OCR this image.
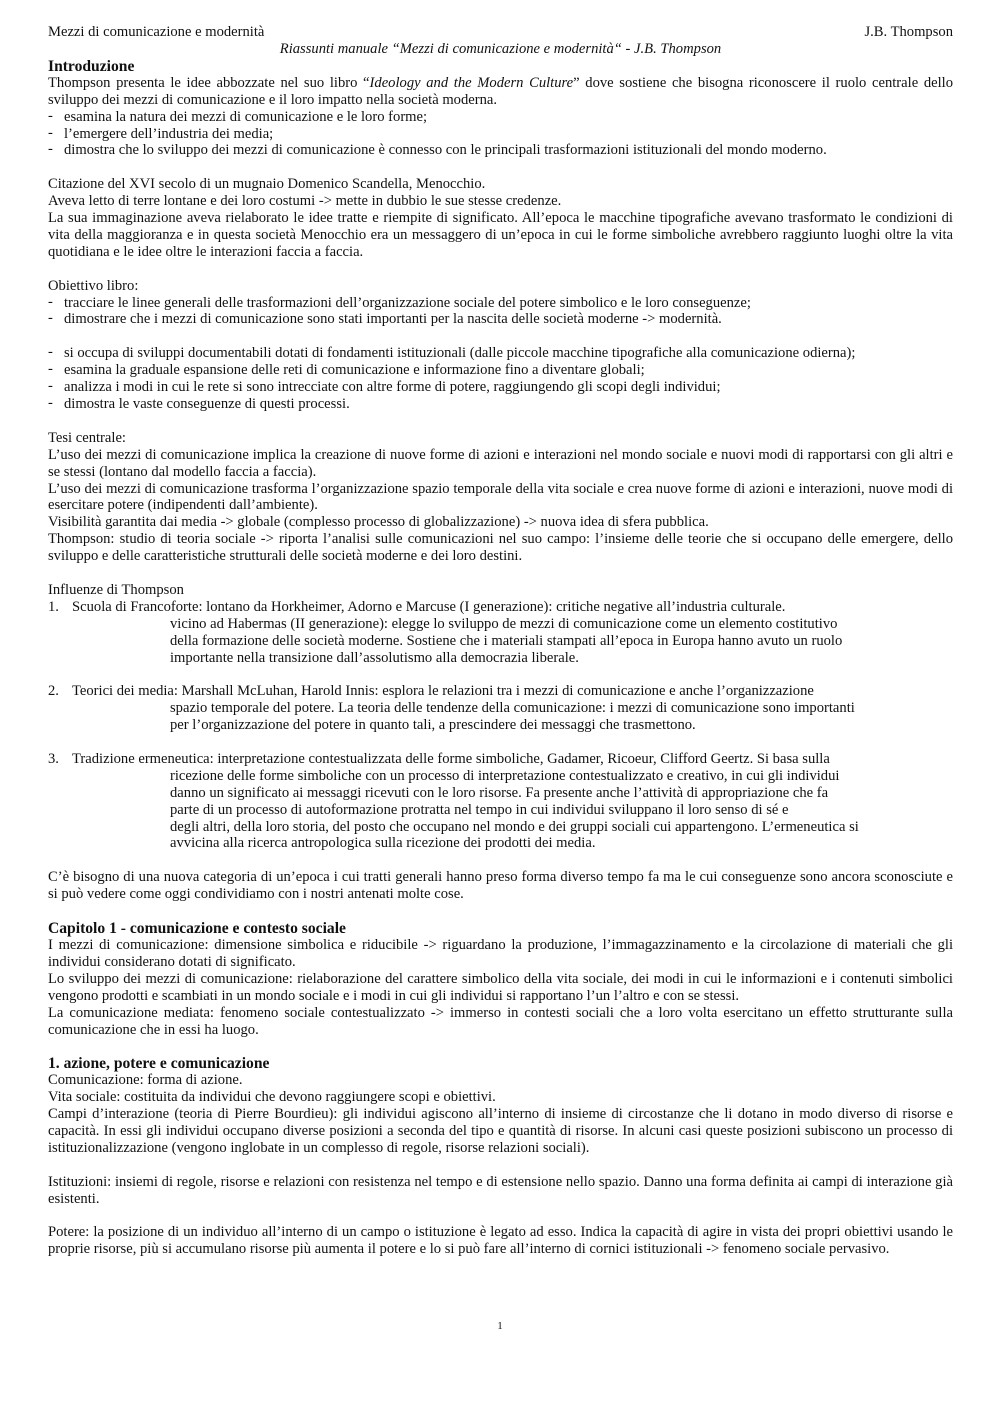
Mezzi di comunicazione e modernità	J.B. Thompson

Riassunti manuale “Mezzi di comunicazione e modernità“ - J.B. Thompson

Introduzione

Thompson presenta le idee abbozzate nel suo libro “Ideology and the Modern Culture” dove sostiene che bisogna riconoscere il ruolo centrale dello sviluppo dei mezzi di comunicazione e il loro impatto nella società moderna.

- esamina la natura dei mezzi di comunicazione e le loro forme;
- l’emergere dell’industria dei media;
- dimostra che lo sviluppo dei mezzi di comunicazione è connesso con le principali trasformazioni istituzionali del mondo moderno.

Citazione del XVI secolo di un mugnaio Domenico Scandella, Menocchio.

Aveva letto di terre lontane e dei loro costumi -> mette in dubbio le sue stesse credenze.

La sua immaginazione aveva rielaborato le idee tratte e riempite di significato. All’epoca le macchine tipografiche avevano trasformato le condizioni di vita della maggioranza e in questa società Menocchio era un messaggero di un’epoca in cui le forme simboliche avrebbero raggiunto luoghi oltre la vita quotidiana e le idee oltre le interazioni faccia a faccia.

Obiettivo libro:

- tracciare le linee generali delle trasformazioni dell’organizzazione sociale del potere simbolico e le loro conseguenze;
- dimostrare che i mezzi di comunicazione sono stati importanti per la nascita delle società moderne -> modernità.
- si occupa di sviluppi documentabili dotati di fondamenti istituzionali (dalle piccole macchine tipografiche alla comunicazione odierna);
- esamina la graduale espansione delle reti di comunicazione e informazione fino a diventare globali;
- analizza i modi in cui le rete si sono intrecciate con altre forme di potere, raggiungendo gli scopi degli individui;
- dimostra le vaste conseguenze di questi processi.

Tesi centrale:

L’uso dei mezzi di comunicazione implica la creazione di nuove forme di azioni e interazioni nel mondo sociale e nuovi modi di rapportarsi con gli altri e se stessi (lontano dal modello faccia a faccia).

L’uso dei mezzi di comunicazione trasforma l’organizzazione spazio temporale della vita sociale e crea nuove forme di azioni e interazioni, nuove modi di esercitare potere (indipendenti dall’ambiente).

Visibilità garantita dai media -> globale (complesso processo di globalizzazione) -> nuova idea di sfera pubblica.

Thompson: studio di teoria sociale -> riporta l’analisi sulle comunicazioni nel suo campo: l’insieme delle teorie che si occupano delle emergere, dello sviluppo e delle caratteristiche strutturali delle società moderne e dei loro destini.

Influenze di Thompson

1. Scuola di Francoforte: lontano da Horkheimer, Adorno e Marcuse (I generazione): critiche negative all’industria culturale.

vicino ad Habermas (II generazione): elegge lo sviluppo de mezzi di comunicazione come un elemento costitutivo

della formazione delle società moderne. Sostiene che i materiali stampati all’epoca in Europa hanno avuto un ruolo

importante nella transizione dall’assolutismo alla democrazia liberale.

2. Teorici dei media: Marshall McLuhan, Harold Innis: esplora le relazioni tra i mezzi di comunicazione e anche l’organizzazione

spazio temporale del potere. La teoria delle tendenze della comunicazione: i mezzi di comunicazione sono importanti

per l’organizzazione del potere in quanto tali, a prescindere dei messaggi che trasmettono.

3. Tradizione ermeneutica: interpretazione contestualizzata delle forme simboliche, Gadamer, Ricoeur, Clifford Geertz. Si basa sulla

ricezione delle forme simboliche con un processo di interpretazione contestualizzato e creativo, in cui gli individui

danno un significato ai messaggi ricevuti con le loro risorse. Fa presente anche l’attività di appropriazione che fa

parte di un processo di autoformazione protratta nel tempo in cui individui sviluppano il loro senso di sé e

degli altri, della loro storia, del posto che occupano nel mondo e dei gruppi sociali cui appartengono. L’ermeneutica si

avvicina alla ricerca antropologica sulla ricezione dei prodotti dei media.

C’è bisogno di una nuova categoria di un’epoca i cui tratti generali hanno preso forma diverso tempo fa ma le cui conseguenze sono ancora sconosciute e si può vedere come oggi condividiamo con i nostri antenati molte cose.

Capitolo 1 - comunicazione e contesto sociale

I mezzi di comunicazione: dimensione simbolica e riducibile -> riguardano la produzione, l’immagazzinamento e la circolazione di materiali che gli individui considerano dotati di significato.

Lo sviluppo dei mezzi di comunicazione: rielaborazione del carattere simbolico della vita sociale, dei modi in cui le informazioni e i contenuti simbolici vengono prodotti e scambiati in un mondo sociale e i modi in cui gli individui si rapportano l’un l’altro e con se stessi.

La comunicazione mediata: fenomeno sociale contestualizzato -> immerso in contesti sociali che a loro volta esercitano un effetto strutturante sulla comunicazione che in essi ha luogo.

1. azione, potere e comunicazione

Comunicazione: forma di azione.

Vita sociale: costituita da individui che devono raggiungere scopi e obiettivi.

Campi d’interazione (teoria di Pierre Bourdieu): gli individui agiscono all’interno di insieme di circostanze che li dotano in modo diverso di risorse e capacità. In essi gli individui occupano diverse posizioni a seconda del tipo e quantità di risorse. In alcuni casi queste posizioni subiscono un processo di istituzionalizzazione (vengono inglobate in un complesso di regole, risorse relazioni sociali).

Istituzioni: insiemi di regole, risorse e relazioni con resistenza nel tempo e di estensione nello spazio. Danno una forma definita ai campi di interazione già esistenti.

Potere: la posizione di un individuo all’interno di un campo o istituzione è legato ad esso. Indica la capacità di agire in vista dei propri obiettivi usando le proprie risorse, più si accumulano risorse più aumenta il potere e lo si può fare all’interno di cornici istituzionali -> fenomeno sociale pervasivo.

1
